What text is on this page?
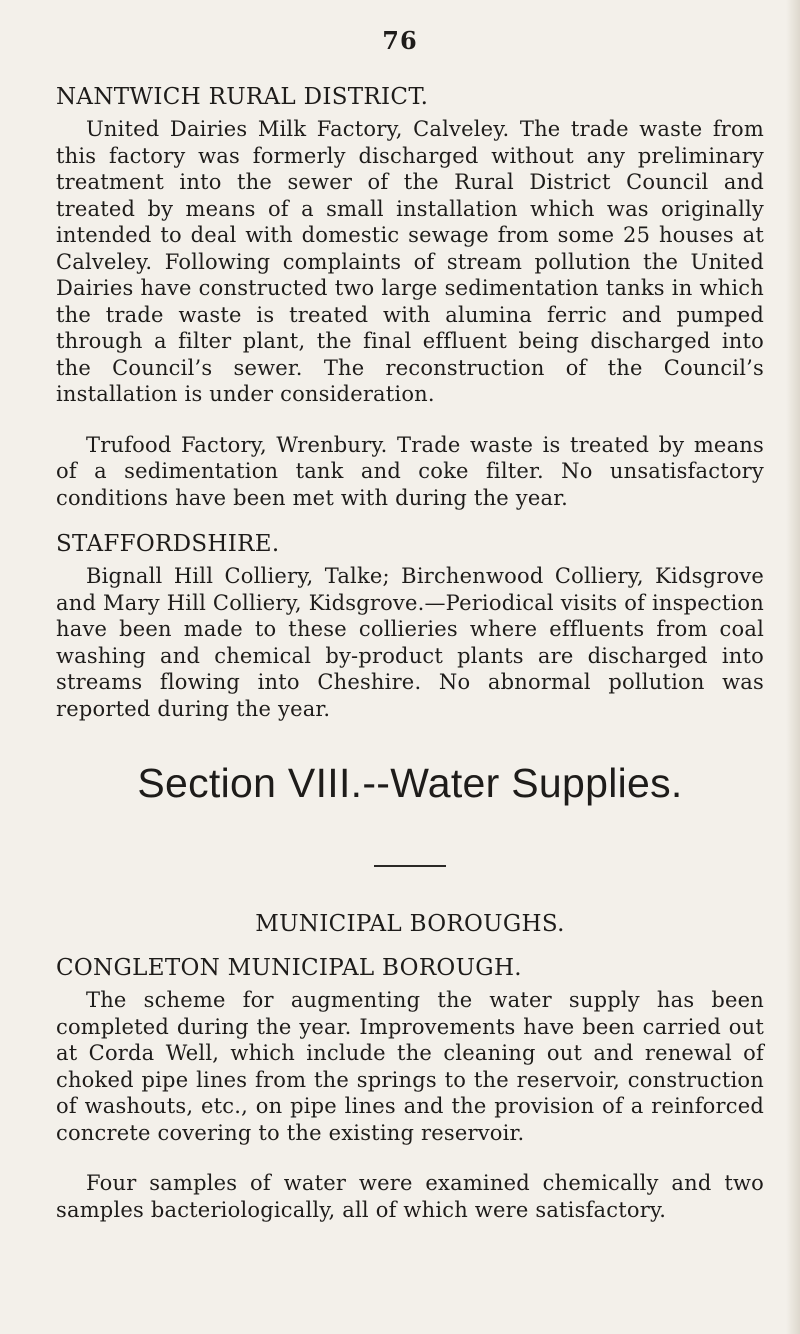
76
NANTWICH RURAL DISTRICT.

United Dairies Milk Factory, Calveley. The trade waste from this factory was formerly discharged without any preliminary treatment into the sewer of the Rural District Council and treated by means of a small installation which was originally intended to deal with domestic sewage from some 25 houses at Calveley. Following complaints of stream pollution the United Dairies have constructed two large sedimentation tanks in which the trade waste is treated with alumina ferric and pumped through a filter plant, the final effluent being discharged into the Council’s sewer. The reconstruction of the Council’s installation is under consideration.

Trufood Factory, Wrenbury. Trade waste is treated by means of a sedimentation tank and coke filter. No unsatisfactory conditions have been met with during the year.

STAFFORDSHIRE.

Bignall Hill Colliery, Talke; Birchenwood Colliery, Kidsgrove and Mary Hill Colliery, Kidsgrove.—Periodical visits of inspection have been made to these collieries where effluents from coal washing and chemical by-product plants are discharged into streams flowing into Cheshire. No abnormal pollution was reported during the year.

Section VIII.--Water Supplies.
MUNICIPAL BOROUGHS.
CONGLETON MUNICIPAL BOROUGH.

The scheme for augmenting the water supply has been completed during the year. Improvements have been carried out at Corda Well, which include the cleaning out and renewal of choked pipe lines from the springs to the reservoir, construction of washouts, etc., on pipe lines and the provision of a reinforced concrete covering to the existing reservoir.

Four samples of water were examined chemically and two samples bacteriologically, all of which were satisfactory.
